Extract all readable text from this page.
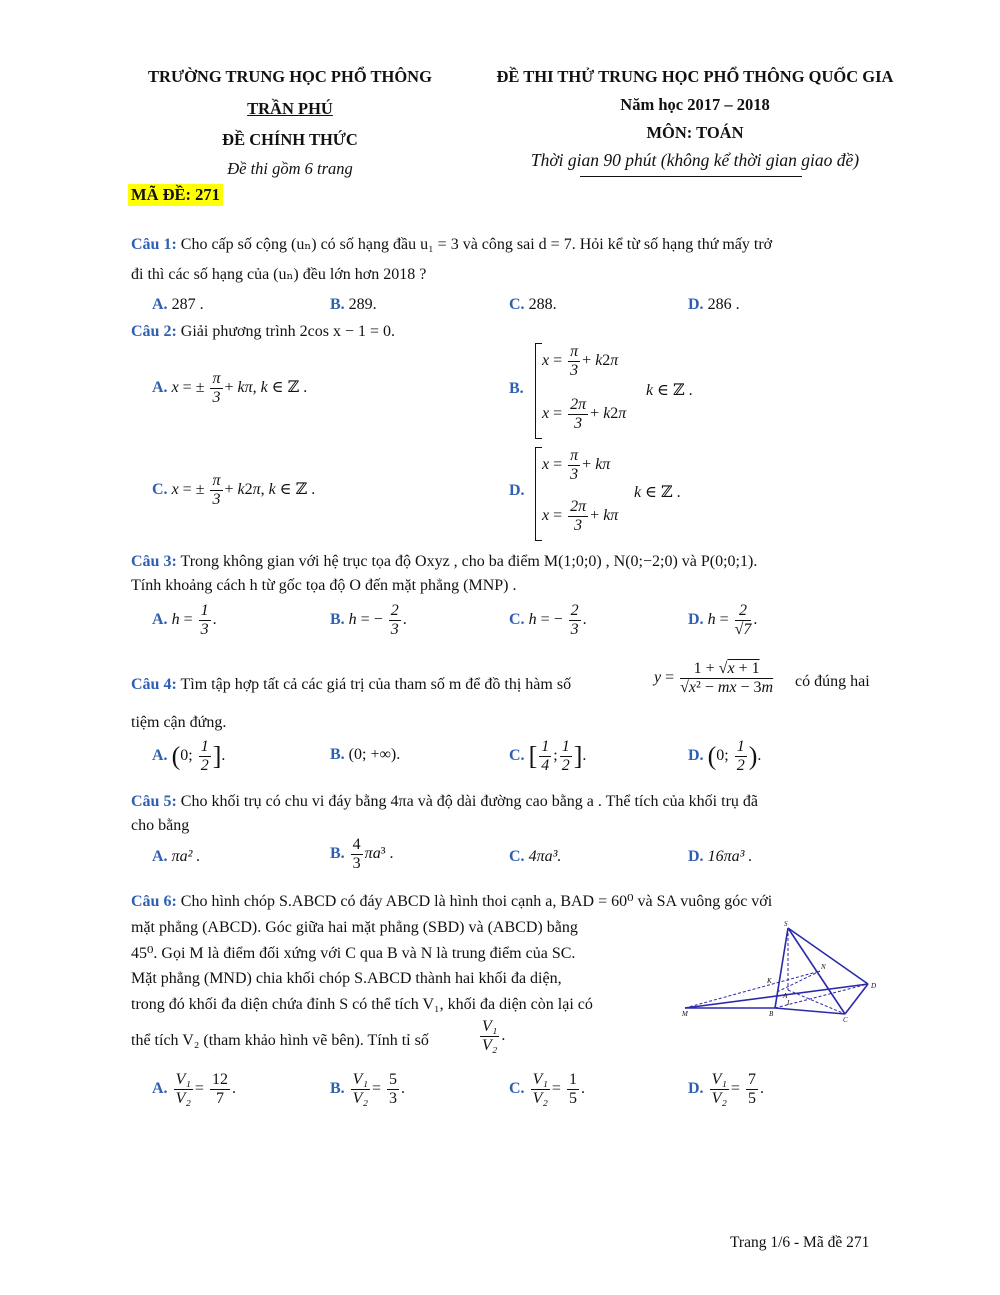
TRƯỜNG TRUNG HỌC PHỔ THÔNG
TRẦN PHÚ
ĐỀ CHÍNH THỨC
Đề thi gồm 6 trang
ĐỀ THI THỬ TRUNG HỌC PHỔ THÔNG QUỐC GIA
Năm học 2017 – 2018
MÔN: TOÁN
Thời gian 90 phút (không kể thời gian giao đề)
MÃ ĐỀ: 271
Câu 1: Cho cấp số cộng (uₙ) có số hạng đầu u₁ = 3 và công sai d = 7. Hỏi kể từ số hạng thứ mấy trở
đi thì các số hạng của (uₙ) đều lớn hơn 2018 ?
A. 287 .	B. 289.	C. 288.	D. 286 .
Câu 2: Giải phương trình 2cos x − 1 = 0.
A. x = ± $\frac{\pi}{3} + k\pi$, k ∈ ℤ .	B.
$x = \frac{\pi}{3} + k2\pi$
$x = \frac{2\pi}{3} + k2\pi$
k ∈ ℤ .
C. x = ± $\frac{\pi}{3} + k2\pi$, k ∈ ℤ .	D.
$x = \frac{\pi}{3} + k\pi$
$x = \frac{2\pi}{3} + k\pi$
k ∈ ℤ .
Câu 3: Trong không gian với hệ trục tọa độ Oxyz , cho ba điểm M(1;0;0) , N(0;−2;0) và P(0;0;1).
Tính khoảng cách h từ gốc tọa độ O đến mặt phẳng (MNP) .
A. $h = \frac{1}{3}$ .	B. h = − $\frac{2}{3}$ .	C. h = − $\frac{2}{3}$ .	D. $h = \frac{2}{√7}$ .
Câu 4: Tìm tập hợp tất cả các giá trị của tham số m để đồ thị hàm số	$y = \frac{1 + √x + 1}{\text{√x² − mx − 3m}}$ có đúng hai
tiệm cận đứng.
A. (0; $\frac{1}{2}$ ].	B. (0; +∞).	C. [ $\frac{1}{4}$ ; $\frac{1}{2}$ ].	D. (0; $\frac{1}{2}$ ).
Câu 5: Cho khối trụ có chu vi đáy bằng 4πa và độ dài đường cao bằng a . Thể tích của khối trụ đã
cho bằng
A. πa² .	B. $\frac{4}{3} \pi a^3$ .	C. 4πa³.	D. 16πa³ .
Câu 6: Cho hình chóp S.ABCD có đáy ABCD là hình thoi cạnh a, BAD = 60⁰ và SA vuông góc với
mặt phẳng (ABCD). Góc giữa hai mặt phẳng (SBD) và (ABCD) bằng
45⁰. Gọi M là điểm đối xứng với C qua B và N là trung điểm của SC.
Mặt phẳng (MND) chia khối chóp S.ABCD thành hai khối đa diện,
trong đó khối đa diện chứa đỉnh S có thể tích V₁, khối đa diện còn lại có
thể tích V₂ (tham khảo hình vẽ bên). Tính tỉ số	$\frac{\text{V₁}}{\text{V₂}}$ .
S
D
C
B
M
N
K
A
I
A. $\frac{\text{V₁}}{\text{V₂}} = \frac{12}{7}$ .	B. $\frac{\text{V₁}}{\text{V₂}} = \frac{5}{3}$ .	C. $\frac{\text{V₁}}{\text{V₂}} = \frac{1}{5}$ .	D. $\frac{\text{V₁}}{\text{V₂}} = \frac{7}{5}$ .
Trang 1/6 - Mã đề 271
